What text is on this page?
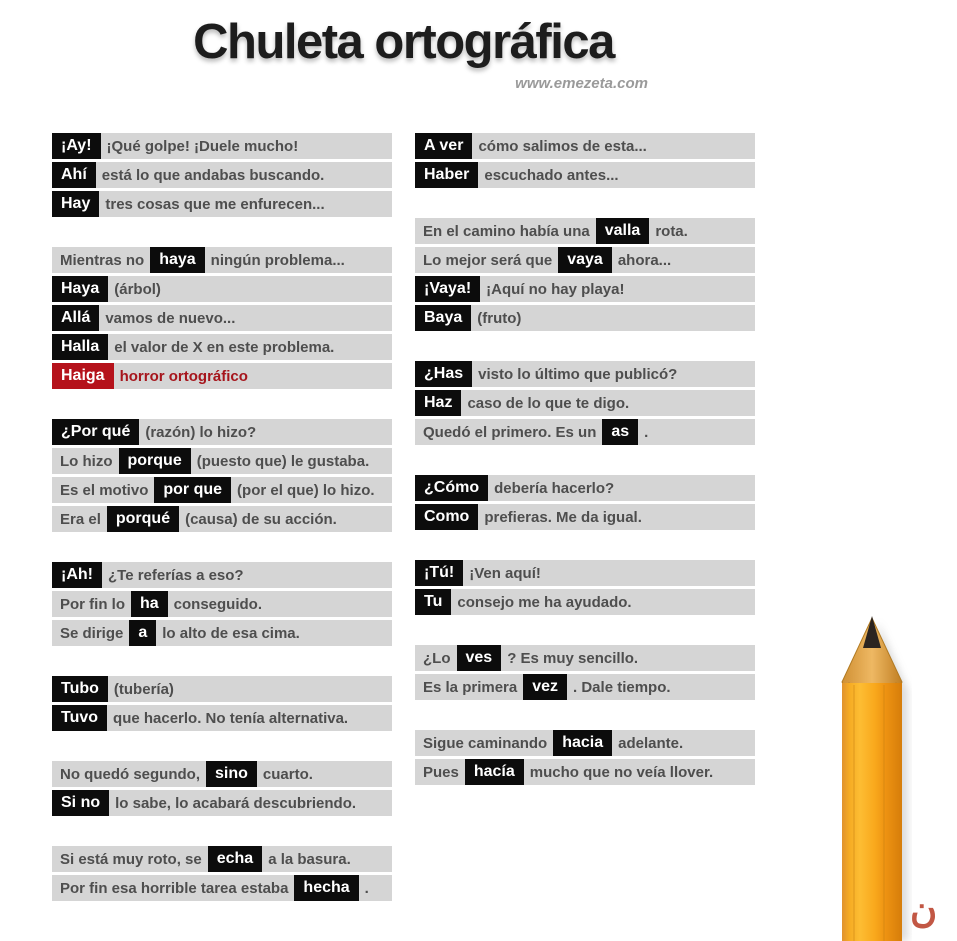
Chuleta ortográfica
www.emezeta.com
¡Ay!	¡Qué golpe! ¡Duele mucho!
Ahí	está lo que andabas buscando.
Hay	tres cosas que me enfurecen...
Mientras no haya	ningún problema...
Haya	(árbol)
Allá	vamos de nuevo...
Halla	el valor de X en este problema.
Haiga	horror ortográfico
¿Por qué	(razón) lo hizo?
Lo hizo porque	(puesto que) le gustaba.
Es el motivo por que	(por el que) lo hizo.
Era el porqué	(causa) de su acción.
¡Ah!	¿Te referías a eso?
Por fin lo ha	conseguido.
Se dirige a	lo alto de esa cima.
Tubo	(tubería)
Tuvo	que hacerlo. No tenía alternativa.
No quedó segundo, sino	cuarto.
Si no	lo sabe, lo acabará descubriendo.
Si está muy roto, se echa	a la basura.
Por fin esa horrible tarea estaba hecha	.
A ver	cómo salimos de esta...
Haber	escuchado antes...
En el camino había una valla	rota.
Lo mejor será que vaya	ahora...
¡Vaya!	¡Aquí no hay playa!
Baya	(fruto)
¿Has	visto lo último que publicó?
Haz	caso de lo que te digo.
Quedó el primero. Es un as	.
¿Cómo	debería hacerlo?
Como	prefieras. Me da igual.
¡Tú!	¡Ven aquí!
Tu	consejo me ha ayudado.
¿Lo ves	? Es muy sencillo.
Es la primera vez	. Dale tiempo.
Sigue caminando hacia	adelante.
Pues hacía	mucho que no veía llover.
ن
